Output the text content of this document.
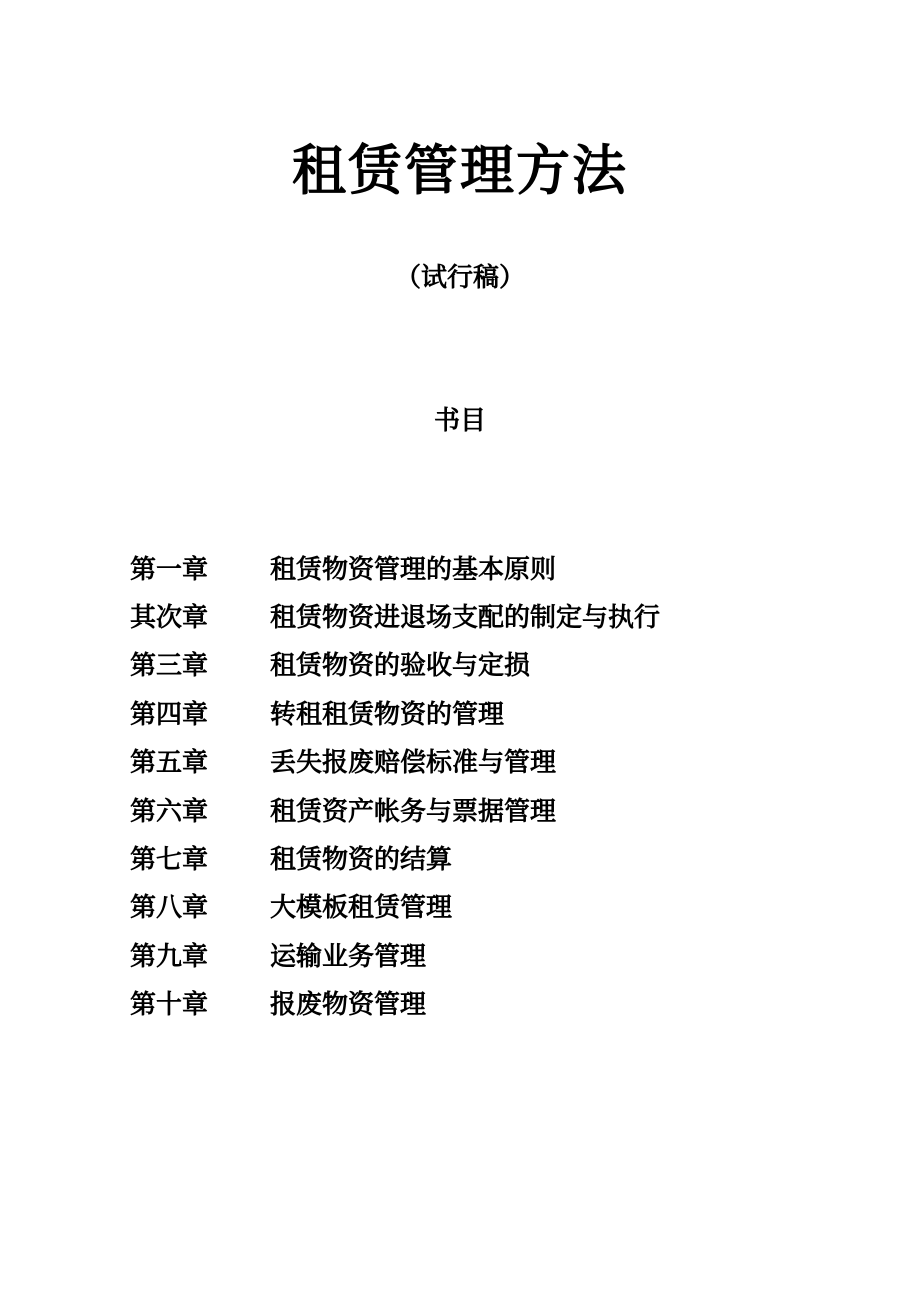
租赁管理方法
（试行稿）
书目
第一章	租赁物资管理的基本原则
其次章	租赁物资进退场支配的制定与执行
第三章	租赁物资的验收与定损
第四章	转租租赁物资的管理
第五章	丢失报废赔偿标准与管理
第六章	租赁资产帐务与票据管理
第七章	租赁物资的结算
第八章	大模板租赁管理
第九章	运输业务管理
第十章	报废物资管理
